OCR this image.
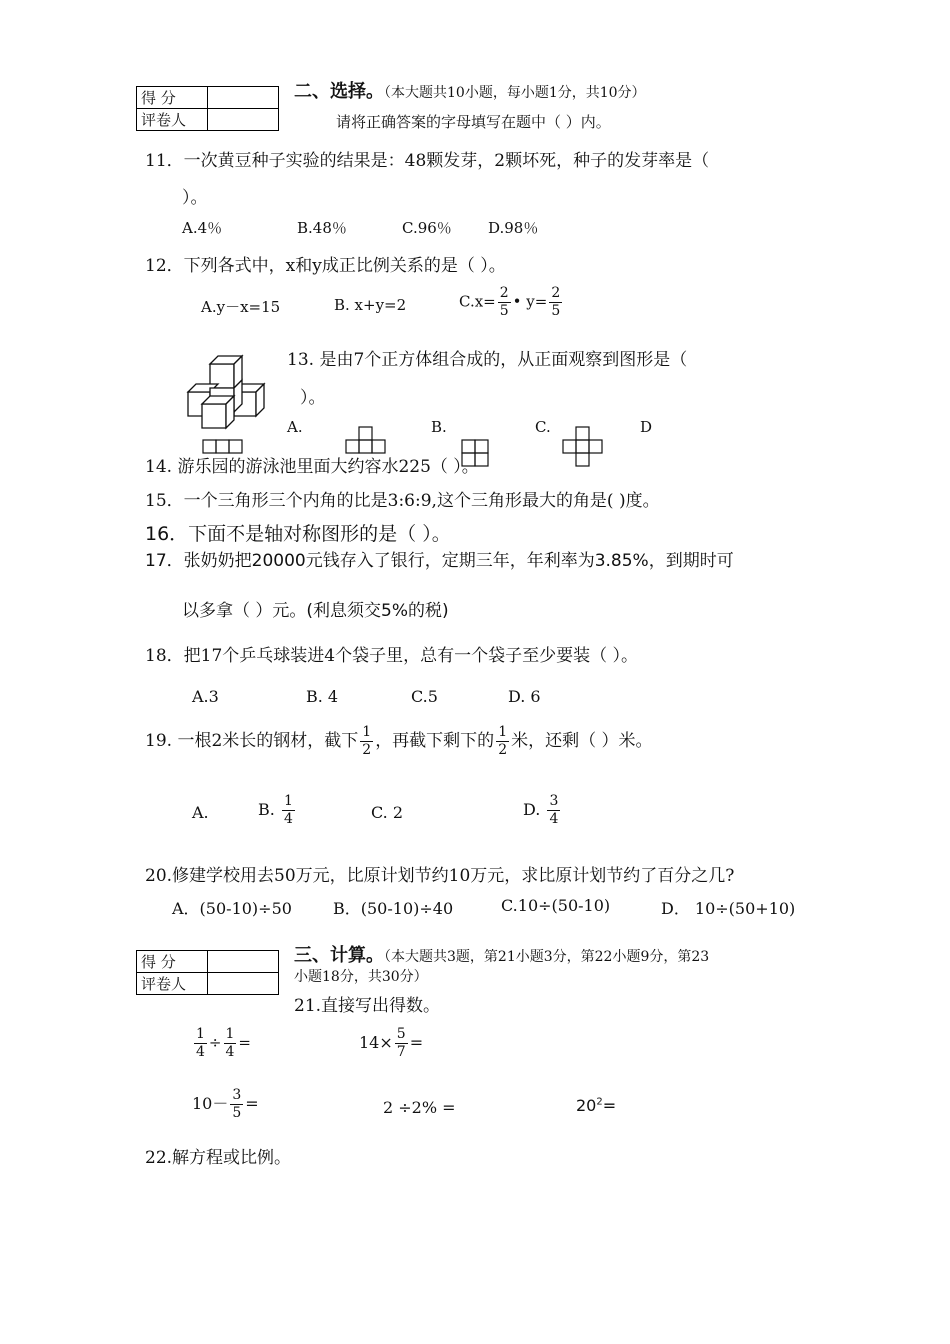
得 分	
评卷人	
二、选择。（本大题共10小题，每小题1分，共10分）
请将正确答案的字母填写在题中（ ）内。
11．一次黄豆种子实验的结果是：48颗发芽，2颗坏死，种子的发芽率是（
）。
A.4％	B.48％	C.96％ D.98％
12．下列各式中，x和y成正比例关系的是（ ）。
A.y－x=15	B. x+y=2	$C.x= \frac{2}{5}$ • $y= \frac{2}{5}$
13. 是由7个正方体组合成的，从正面观察到图形是（
）。
A.	B.	C.	D
14. 游乐园的游泳池里面大约容水225（ ）。
15．一个三角形三个内角的比是3:6:9,这个三角形最大的角是( )度。
16．下面不是轴对称图形的是（ ）。
17．张奶奶把20000元钱存入了银行，定期三年，年利率为3.85%，到期时可
以多拿（ ）元。(利息须交5%的税)
18．把17个乒乓球装进4个袋子里，总有一个袋子至少要装（ ）。
A.3	B. 4	C.5	D. 6
19. 一根2米长的钢材，截下 $\frac{1}{2}$ ，再截下剩下的 $\frac{1}{2}$ 米，还剩（ ）米。
A.	B. $\frac{1}{4}$	C. 2	D. $\frac{3}{4}$
20.修建学校用去50万元，比原计划节约10万元，求比原计划节约了百分之几?
A．(50-10)÷50	B．(50-10)÷40	C.10÷(50-10)	D． 10÷(50+10)
得 分	
评卷人	
三、计算。（本大题共3题，第21小题3分，第22小题9分，第23
小题18分，共30分）
21.直接写出得数。
$\frac{1}{4} \div \frac{1}{4}$ =	$14\times \frac{5}{7}$ =
$10- \frac{3}{5}$ =	2 ÷2% =	$20^2=$
22.解方程或比例。
